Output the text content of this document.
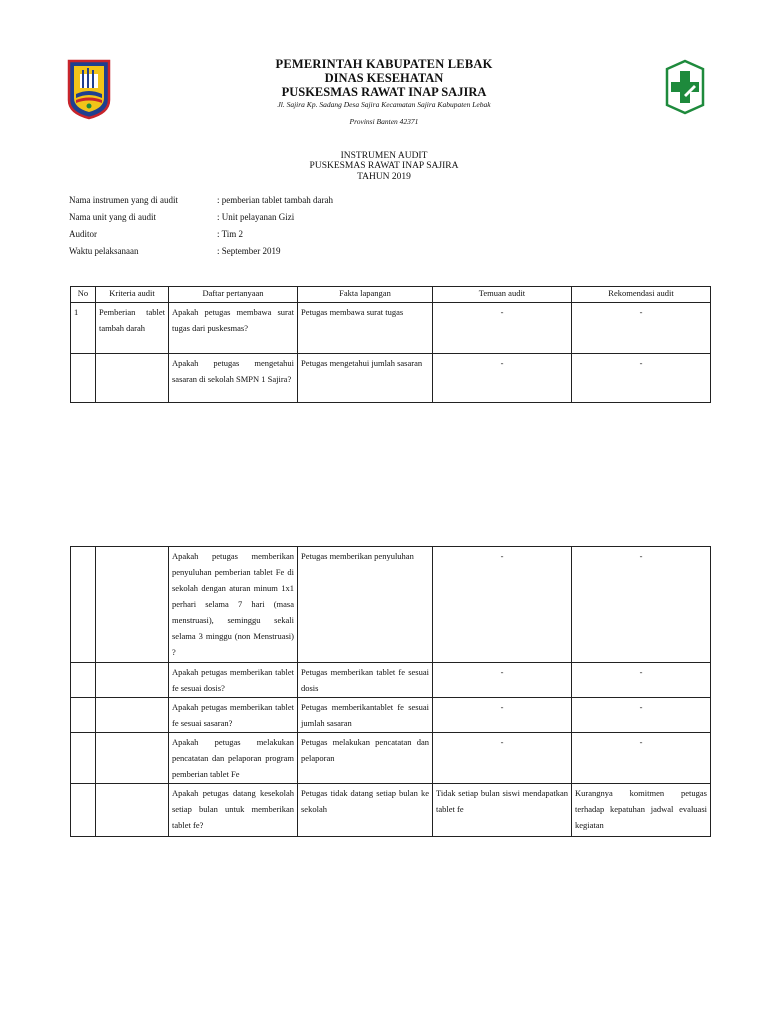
PEMERINTAH KABUPATEN LEBAK
DINAS KESEHATAN
PUSKESMAS RAWAT INAP SAJIRA
Jl. Sajira Kp. Sadang Desa Sajira Kecamatan Sajira Kabupaten Lebak
Provinsi Banten 42371
INSTRUMEN AUDIT
PUSKESMAS RAWAT INAP SAJIRA
TAHUN 2019
Nama instrumen yang di audit	: pemberian tablet tambah darah
Nama unit yang di audit	: Unit pelayanan Gizi
Auditor	: Tim 2
Waktu pelaksanaan	: September 2019
No	Kriteria audit	Daftar pertanyaan	Fakta lapangan	Temuan audit	Rekomendasi audit
1	Pemberian tablet tambah darah	Apakah petugas membawa surat tugas dari puskesmas?	Petugas membawa surat tugas	-	-
		Apakah petugas mengetahui sasaran di sekolah SMPN 1 Sajira?	Petugas mengetahui jumlah sasaran	-	-
		Apakah petugas memberikan penyuluhan pemberian tablet Fe di sekolah dengan aturan minum 1x1 perhari selama 7 hari (masa menstruasi), seminggu sekali selama 3 minggu (non Menstruasi) ?	Petugas memberikan penyuluhan	-	-
		Apakah petugas memberikan tablet fe sesuai dosis?	Petugas memberikan tablet fe sesuai dosis	-	-
		Apakah petugas memberikan tablet fe sesuai sasaran?	Petugas memberikantablet fe sesuai jumlah sasaran	-	-
		Apakah petugas melakukan pencatatan dan pelaporan program pemberian tablet Fe	Petugas melakukan pencatatan dan pelaporan	-	-
		Apakah petugas datang kesekolah setiap bulan untuk memberikan tablet fe?	Petugas tidak datang setiap bulan ke sekolah	Tidak setiap bulan siswi mendapatkan tablet fe	Kurangnya komitmen petugas terhadap kepatuhan jadwal evaluasi kegiatan
